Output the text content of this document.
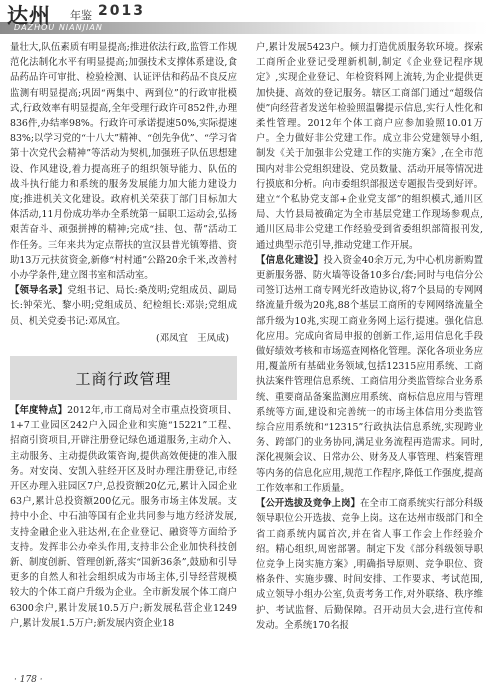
达州 年鉴 2013
DAZHOU NIANJIAN

量壮大,队伍素质有明显提高;推进依法行政,监管工作规范化法制化水平有明显提高;加强技术支撑体系建设,食品药品许可审批、检验检测、认证评估和药品不良反应监测有明显提高;巩固“两集中、两到位”的行政审批模式,行政效率有明显提高,全年受理行政许可852件,办理836件,办结率98%。行政许可承诺提速50%,实际提速83%;以学习党的“十八大”精神、“创先争优”、“学习省第十次党代会精神”等活动为契机,加强班子队伍思想建设、作风建设,着力提高班子的组织领导能力、队伍的战斗执行能力和系统的服务发展能力加大能力建设力度;推进机关文化建设。政府机关荣获丁部门目标加大体活动,11月份成功举办全系统第一届职工运动会,弘扬艰苦奋斗、顽强拼搏的精神;完成“挂、包、帮”活动工作任务。三年来共为定点帮扶的宣汉县普光镇筹措、资助13万元扶贫资金,新修“村村通”公路20余千米,改善村小办学条件,建立图书室和活动室。

【领导名录】党组书记、局长:桑茂明;党组成员、副局长:钟荣光、黎小明;党组成员、纪检组长:邓崇;党组成员、机关党委书记:邓凤宜。

(邓凤宜　王凤成)

工商行政管理

【年度特点】2012年,市工商局对全市重点投资项目、1+7工业园区242户入园企业和实施“15221”工程、招商引资项目,开辟注册登记绿色通道服务,主动介入、主动服务、主动提供政策咨询,提供高效便捷的准入服务。对安岗、安凯入驻经开区及时办理注册登记,市经开区办理入驻园区7户,总投资额20亿元,累计入园企业63户,累计总投资额200亿元。服务市场主体发展。支持中小企、中石油等国有企业共同参与地方经济发展,支持金融企业入驻达州,在企业登记、融资等方面给予支持。发挥非公办牵头作用,支持非公企业加快科技创新、制度创新、管理创新,落实“国新36条”,鼓励和引导更多的自然人和社会组织成为市场主体,引导经营规模较大的个体工商户升级为企业。全市新发展个体工商户6300余户,累计发展10.5万户;新发展私营企业1249户,累计发展1.5万户;新发展内资企业18

户,累计发展5423户。倾力打造优质服务软环境。探索工商所企业登记受理新机制,制定《企业登记程序规定》,实现企业登记、年检资料网上流转,为企业提供更加快捷、高效的登记服务。辖区工商部门通过“超级信使”向经营者发送年检验照温馨提示信息,实行人性化和柔性管理。2012年个体工商户应参加验照10.01万户。全力做好非公党建工作。成立非公党建领导小组,制发《关于加强非公党建工作的实施方案》,在全市范围内对非公党组织建设、党员数量、活动开展等情况进行摸底和分析。向市委组织部报送专题报告受到好评。建立“个私协党支部+企业党支部”的组织模式,通川区局、大竹县局被确定为全市基层党建工作现场参观点,通川区局非公党建工作经验受到省委组织部简报刊发,通过典型示范引导,推动党建工作开展。

【信息化建设】投入资金40余万元,为中心机房新购置更新服务器、防火墙等设备10多台/套;同时与电信分公司签订达州工商专网光纤改造协议,将7个县局的专网网络流量升级为20兆,88个基层工商所的专网网络流量全部升级为10兆,实现工商业务网上运行提速。强化信息化应用。完成向省局申报的创新工作,运用信息化手段做好绩效考核和市场巡查网格化管理。深化各项业务应用,覆盖所有基础业务领域,包括12315应用系统、工商执法案件管理信息系统、工商信用分类监管综合业务系统、重要商品备案监测应用系统、商标信息应用与管理系统等方面,建设和完善统一的市场主体信用分类监管综合应用系统和“12315”行政执法信息系统,实现跨业务、跨部门的业务协同,满足业务流程再造需求。同时,深化视频会议、日常办公、财务及人事管理、档案管理等内务的信息化应用,规范工作程序,降低工作强度,提高工作效率和工作质量。

【公开选拔及竞争上岗】在全市工商系统实行部分科级领导职位公开选拔、竞争上岗。这在达州市级部门和全省工商系统内属首次,并在省人事工作会上作经验介绍。精心组织,周密部署。制定下发《部分科级领导职位竞争上岗实施方案》,明确指导原则、竞争职位、资格条件、实施步骤、时间安排、工作要求、考试范围,成立领导小组办公室,负责考务工作,对外联络、秩序维护、考试监督、后勤保障。召开动员大会,进行宣传和发动。全系统170名报

· 178 ·
